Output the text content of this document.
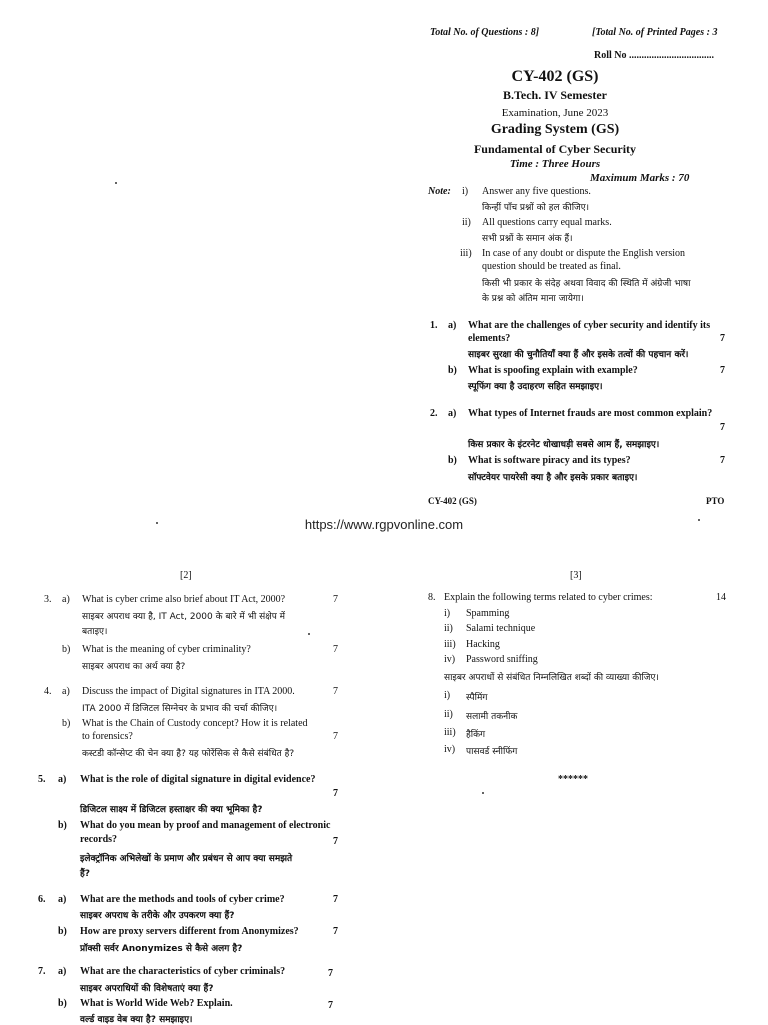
Total No. of Questions : 8]	[Total No. of Printed Pages : 3
Roll No ..................................
CY-402 (GS)
B.Tech. IV Semester
Examination, June 2023
Grading System (GS)
Fundamental of Cyber Security
Time : Three Hours
Maximum Marks : 70
Note: i) Answer any five questions.
किन्हीं पाँच प्रश्नों को हल कीजिए।
ii) All questions carry equal marks.
सभी प्रश्नों के समान अंक हैं।
iii) In case of any doubt or dispute the English version
question should be treated as final.
किसी भी प्रकार के संदेह अथवा विवाद की स्थिति में अंग्रेजी भाषा
के प्रश्न को अंतिम माना जायेगा।
1. a) What are the challenges of cyber security and identify its
elements?	7
साइबर सुरक्षा की चुनौतियाँ क्या हैं और इसके तत्वों की पहचान करें।
b) What is spoofing explain with example?	7
स्पूफिंग क्या है उदाहरण सहित समझाइए।
2. a) What types of Internet frauds are most common explain?
7
किस प्रकार के इंटरनेट धोखाधड़ी सबसे आम हैं, समझाइए।
b) What is software piracy and its types?	7
सॉफ्टवेयर पायरेसी क्या है और इसके प्रकार बताइए।
CY-402 (GS)	PTO
https://www.rgpvonline.com
[2]
3. a) What is cyber crime also brief about IT Act, 2000?	7
साइबर अपराध क्या है, IT Act, 2000 के बारे में भी संक्षेप में
बताइए।
b) What is the meaning of cyber criminality?	7
साइबर अपराध का अर्थ क्या है?
4. a) Discuss the impact of Digital signatures in ITA 2000.	7
ITA 2000 में डिजिटल सिग्नेचर के प्रभाव की चर्चा कीजिए।
b) What is the Chain of Custody concept? How it is related
to forensics?	7
कस्टडी कॉन्सेप्ट की चेन क्या है? यह फोरेंसिक से कैसे संबंधित है?
5. a) What is the role of digital signature in digital evidence?
7
डिजिटल साक्ष्य में डिजिटल हस्ताक्षर की क्या भूमिका है?
b) What do you mean by proof and management of electronic
records?	7
इलेक्ट्रॉनिक अभिलेखों के प्रमाण और प्रबंधन से आप क्या समझते
हैं?
6. a) What are the methods and tools of cyber crime?	7
साइबर अपराध के तरीके और उपकरण क्या हैं?
b) How are proxy servers different from Anonymizes?	7
प्रॉक्सी सर्वर Anonymizes से कैसे अलग है?
7. a) What are the characteristics of cyber criminals?	7
साइबर अपराधियों की विशेषताएं क्या हैं?
b) What is World Wide Web? Explain.	7
वर्ल्ड वाइड वेब क्या है? समझाइए।
[3]
8. Explain the following terms related to cyber crimes:	14
i) Spamming
ii) Salami technique
iii) Hacking
iv) Password sniffing
साइबर अपराधों से संबंधित निम्नलिखित शब्दों की व्याख्या कीजिए।
i) स्पैमिंग
ii) सलामी तकनीक
iii) हैकिंग
iv) पासवर्ड स्नीफिंग
******
